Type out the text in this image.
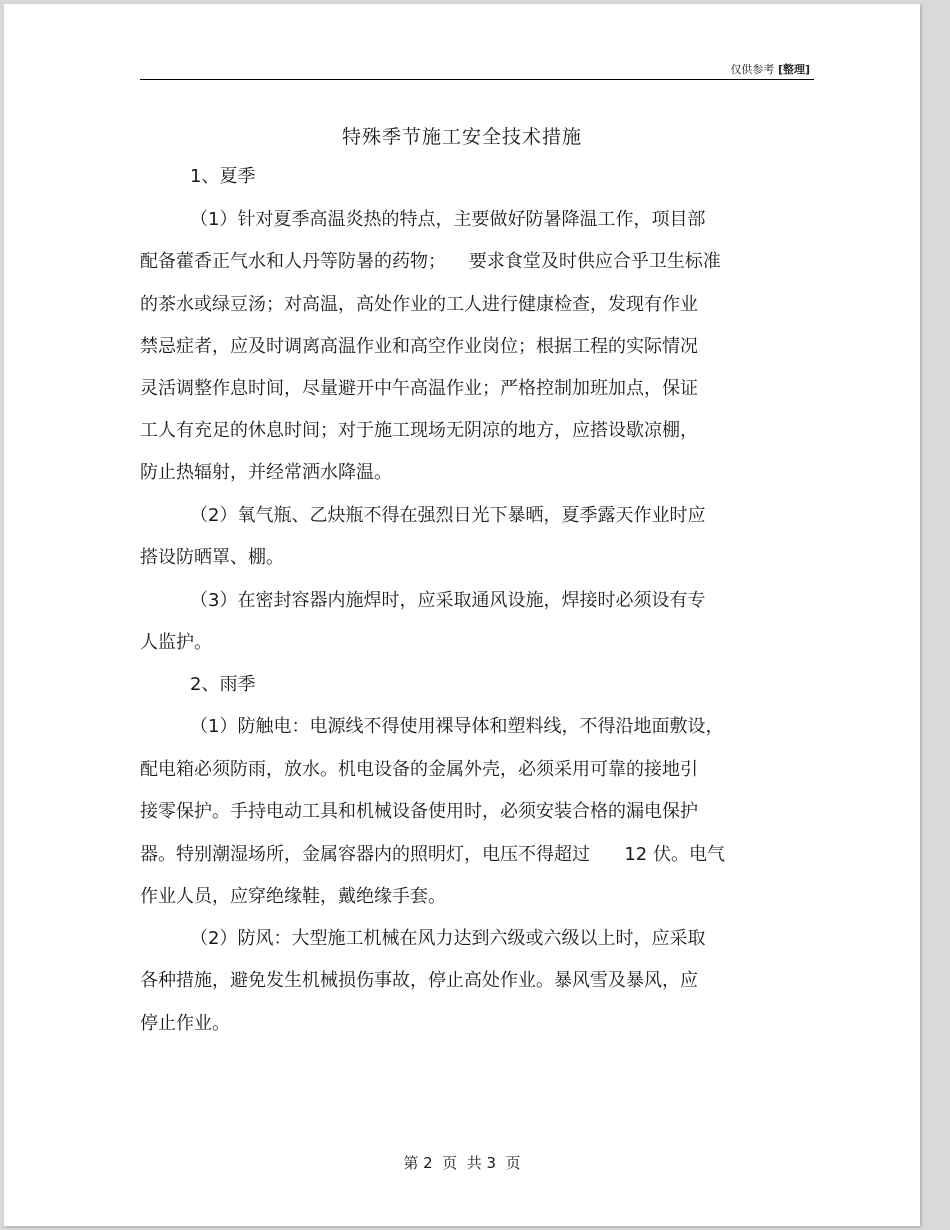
仅供参考 [整理]
特殊季节施工安全技术措施
1、夏季
（1）针对夏季高温炎热的特点，主要做好防暑降温工作，项目部
配备藿香正气水和人丹等防暑的药物；    要求食堂及时供应合乎卫生标准
的茶水或绿豆汤；对高温，高处作业的工人进行健康检查，发现有作业
禁忌症者，应及时调离高温作业和高空作业岗位；根据工程的实际情况
灵活调整作息时间，尽量避开中午高温作业；严格控制加班加点，保证
工人有充足的休息时间；对于施工现场无阴凉的地方，应搭设歇凉棚，
防止热辐射，并经常洒水降温。
（2）氧气瓶、乙炔瓶不得在强烈日光下暴晒，夏季露天作业时应
搭设防晒罩、棚。
（3）在密封容器内施焊时，应采取通风设施，焊接时必须设有专
人监护。
2、雨季
（1）防触电：电源线不得使用裸导体和塑料线，不得沿地面敷设，
配电箱必须防雨，放水。机电设备的金属外壳，必须采用可靠的接地引
接零保护。手持电动工具和机械设备使用时，必须安装合格的漏电保护
器。特别潮湿场所，金属容器内的照明灯，电压不得超过      12 伏。电气
作业人员，应穿绝缘鞋，戴绝缘手套。
（2）防风：大型施工机械在风力达到六级或六级以上时，应采取
各种措施，避免发生机械损伤事故，停止高处作业。暴风雪及暴风，应
停止作业。
第 2  页  共 3  页
